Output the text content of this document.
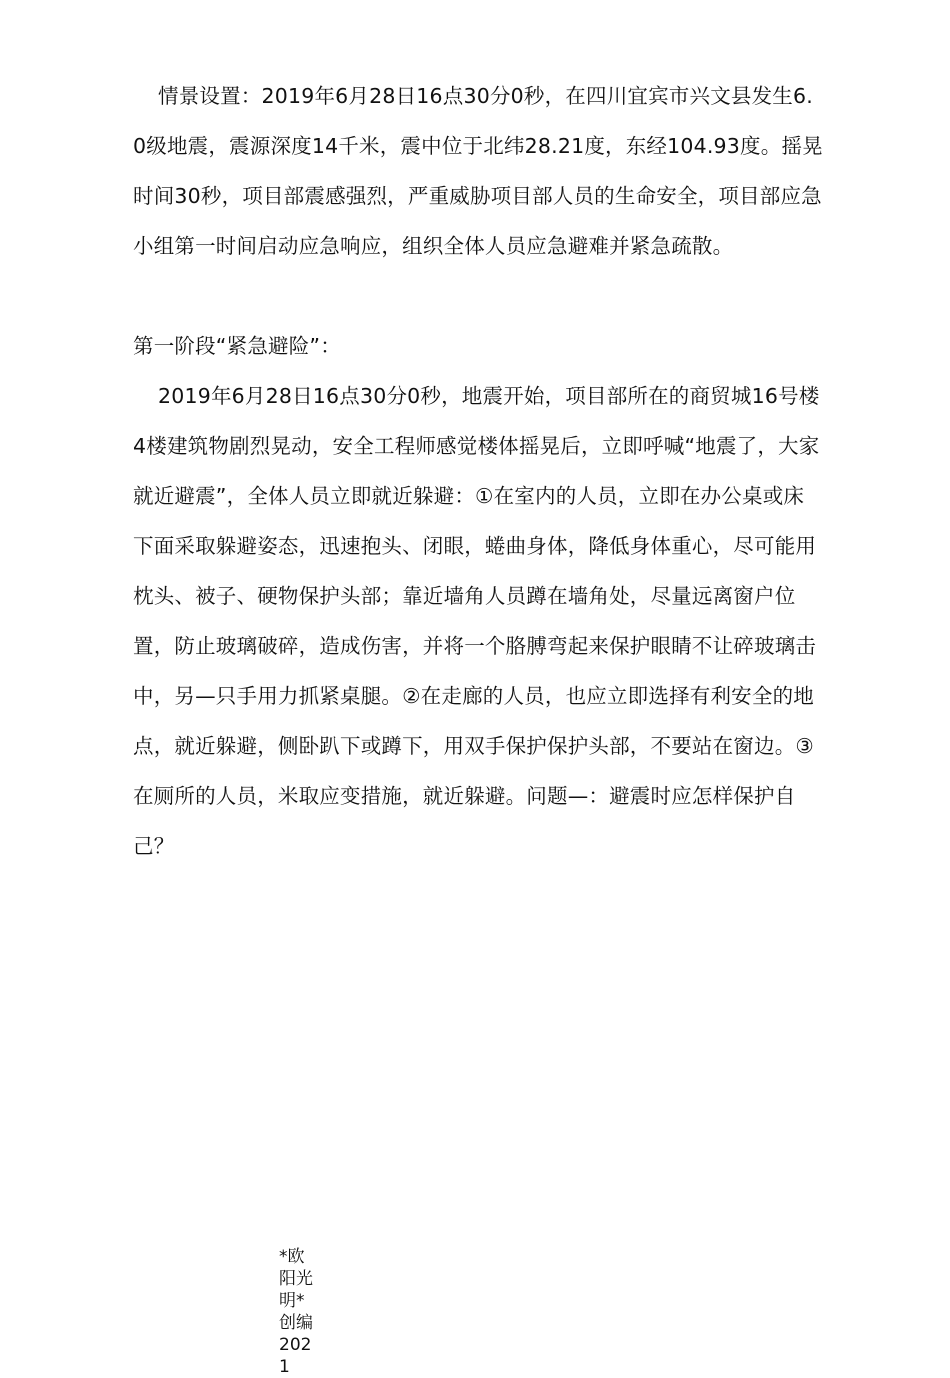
情景设置：2019年6月28日16点30分0秒，在四川宜宾市兴文县发生6.0级地震，震源深度14千米，震中位于北纬28.21度，东经104.93度。摇晃时间30秒，项目部震感强烈，严重威胁项目部人员的生命安全，项目部应急小组第一时间启动应急响应，组织全体人员应急避难并紧急疏散。

第一阶段“紧急避险”：

2019年6月28日16点30分0秒，地震开始，项目部所在的商贸城16号楼4楼建筑物剧烈晃动，安全工程师感觉楼体摇晃后，立即呼喊“地震了，大家就近避震”，全体人员立即就近躲避：①在室内的人员，立即在办公桌或床下面采取躲避姿态，迅速抱头、闭眼，蜷曲身体，降低身体重心，尽可能用枕头、被子、硬物保护头部；靠近墙角人员蹲在墙角处，尽量远离窗户位置，防止玻璃破碎，造成伤害，并将一个胳膊弯起来保护眼睛不让碎玻璃击中，另—只手用力抓紧桌腿。②在走廊的人员，也应立即选择有利安全的地点，就近躲避，侧卧趴下或蹲下，用双手保护保护头部，不要站在窗边。③在厕所的人员，米取应变措施，就近躲避。问题—：避震时应怎样保护自己？

*欧阳光明*创编2021
